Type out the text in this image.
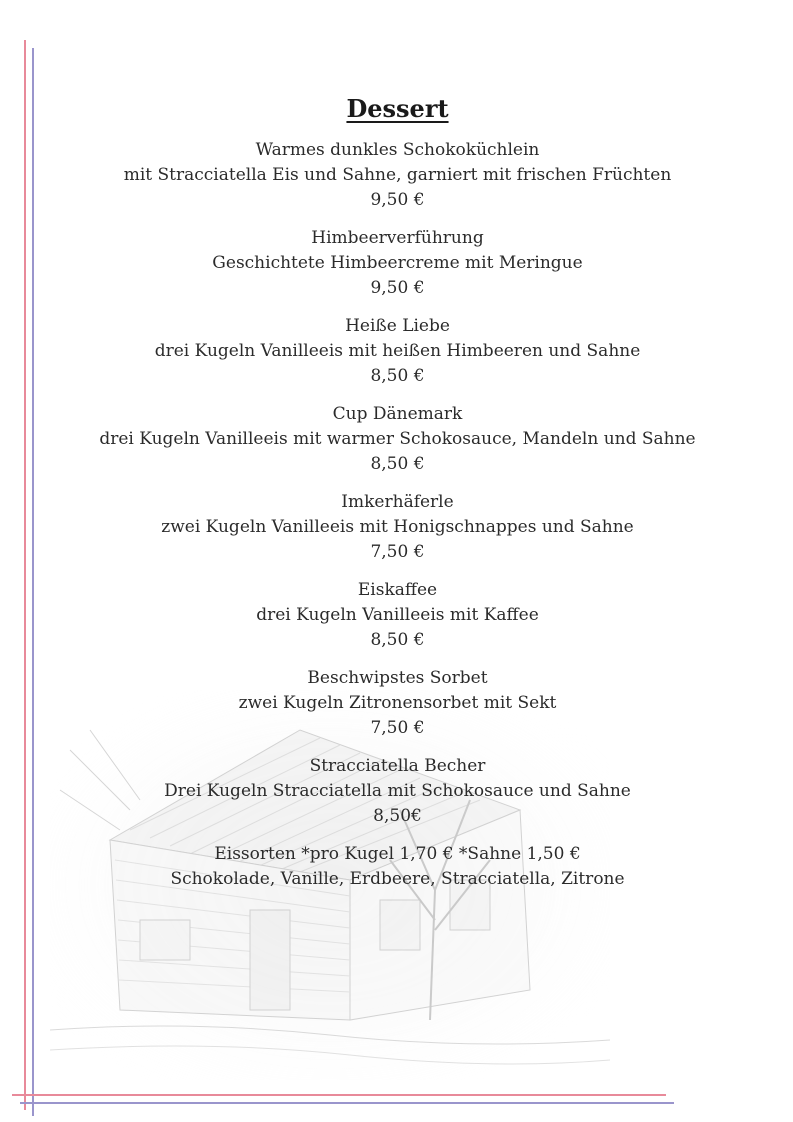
Dessert
Warmes dunkles Schokoküchlein
mit Stracciatella Eis und Sahne, garniert mit frischen Früchten
9,50 €
Himbeerverführung
Geschichtete Himbeercreme mit Meringue
9,50 €
Heiße Liebe
drei Kugeln Vanilleeis mit heißen Himbeeren und Sahne
8,50 €
Cup Dänemark
drei Kugeln Vanilleeis mit warmer Schokosauce, Mandeln und Sahne
8,50 €
Imkerhäferle
zwei Kugeln Vanilleeis mit Honigschnappes und Sahne
7,50 €
Eiskaffee
drei Kugeln Vanilleeis mit Kaffee
8,50 €
Beschwipstes Sorbet
zwei Kugeln Zitronensorbet mit Sekt
7,50 €
Stracciatella Becher
Drei Kugeln Stracciatella mit Schokosauce und Sahne
8,50€
Eissorten *pro Kugel 1,70 € *Sahne 1,50 €
Schokolade, Vanille, Erdbeere, Stracciatella, Zitrone
